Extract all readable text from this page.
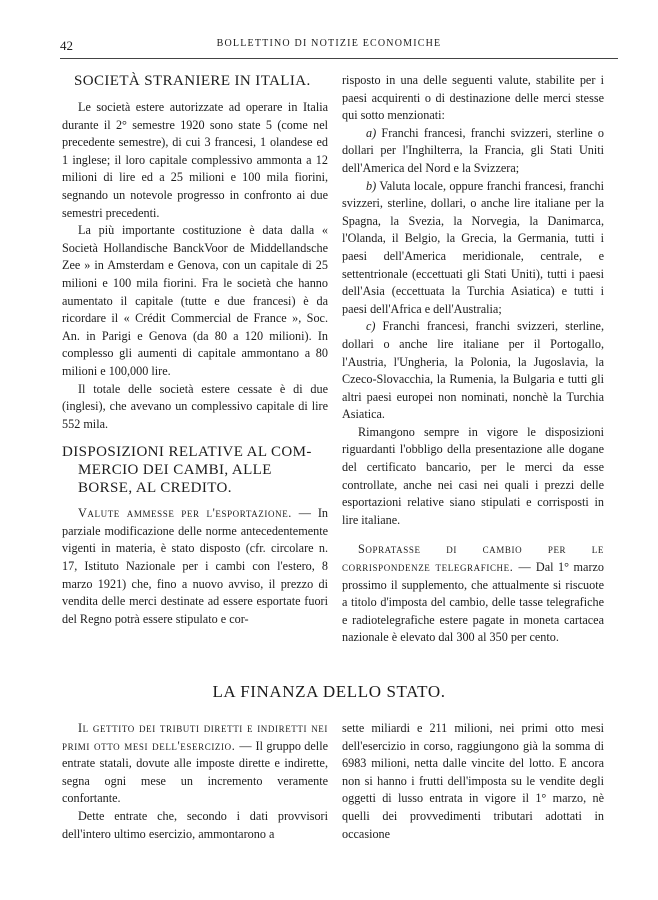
42	BOLLETTINO DI NOTIZIE ECONOMICHE
SOCIETÀ STRANIERE IN ITALIA.

Le società estere autorizzate ad operare in Italia durante il 2° semestre 1920 sono state 5 (come nel precedente semestre), di cui 3 francesi, 1 olandese ed 1 inglese; il loro capitale complessivo ammonta a 12 milioni di lire ed a 25 milioni e 100 mila fiorini, segnando un notevole progresso in confronto ai due semestri precedenti.

La più importante costituzione è data dalla « Società Hollandische BanckVoor de Middellandsche Zee » in Amsterdam e Genova, con un capitale di 25 milioni e 100 mila fiorini. Fra le società che hanno aumentato il capitale (tutte e due francesi) è da ricordare il « Crédit Commercial de France », Soc. An. in Parigi e Genova (da 80 a 120 milioni). In complesso gli aumenti di capitale ammontano a 80 milioni e 100,000 lire.

Il totale delle società estere cessate è di due (inglesi), che avevano un complessivo capitale di lire 552 mila.

DISPOSIZIONI RELATIVE AL COM-
MERCIO DEI CAMBI, ALLE BORSE, AL CREDITO.

Valute ammesse per l'esportazione. — In parziale modificazione delle norme antecedentemente vigenti in materia, è stato disposto (cfr. circolare n. 17, Istituto Nazionale per i cambi con l'estero, 8 marzo 1921) che, fino a nuovo avviso, il prezzo di vendita delle merci destinate ad essere esportate fuori del Regno potrà essere stipulato e cor-

risposto in una delle seguenti valute, stabilite per i paesi acquirenti o di destinazione delle merci stesse qui sotto menzionati:

a) Franchi francesi, franchi svizzeri, sterline o dollari per l'Inghilterra, la Francia, gli Stati Uniti dell'America del Nord e la Svizzera;

b) Valuta locale, oppure franchi francesi, franchi svizzeri, sterline, dollari, o anche lire italiane per la Spagna, la Svezia, la Norvegia, la Danimarca, l'Olanda, il Belgio, la Grecia, la Germania, tutti i paesi dell'America meridionale, centrale, e settentrionale (eccettuati gli Stati Uniti), tutti i paesi dell'Asia (eccettuata la Turchia Asiatica) e tutti i paesi dell'Africa e dell'Australia;

c) Franchi francesi, franchi svizzeri, sterline, dollari o anche lire italiane per il Portogallo, l'Austria, l'Ungheria, la Polonia, la Jugoslavia, la Czeco-Slovacchia, la Rumenia, la Bulgaria e tutti gli altri paesi europei non nominati, nonchè la Turchia Asiatica.

Rimangono sempre in vigore le disposizioni riguardanti l'obbligo della presentazione alle dogane del certificato bancario, per le merci da esse controllate, anche nei casi nei quali i prezzi delle esportazioni relative siano stipulati e corrisposti in lire italiane.

Sopratasse di cambio per le corrispondenze telegrafiche. — Dal 1° marzo prossimo il supplemento, che attualmente si riscuote a titolo d'imposta del cambio, delle tasse telegrafiche e radiotelegrafiche estere pagate in moneta cartacea nazionale è elevato dal 300 al 350 per cento.

LA FINANZA DELLO STATO.

Il gettito dei tributi diretti e indiretti nei primi otto mesi dell'esercizio. — Il gruppo delle entrate statali, dovute alle imposte dirette e indirette, segna ogni mese un incremento veramente confortante.

Dette entrate che, secondo i dati provvisori dell'intero ultimo esercizio, ammontarono a

sette miliardi e 211 milioni, nei primi otto mesi dell'esercizio in corso, raggiungono già la somma di 6983 milioni, netta dalle vincite del lotto. E ancora non si hanno i frutti dell'imposta su le vendite degli oggetti di lusso entrata in vigore il 1° marzo, nè quelli dei provvedimenti tributari adottati in occasione
